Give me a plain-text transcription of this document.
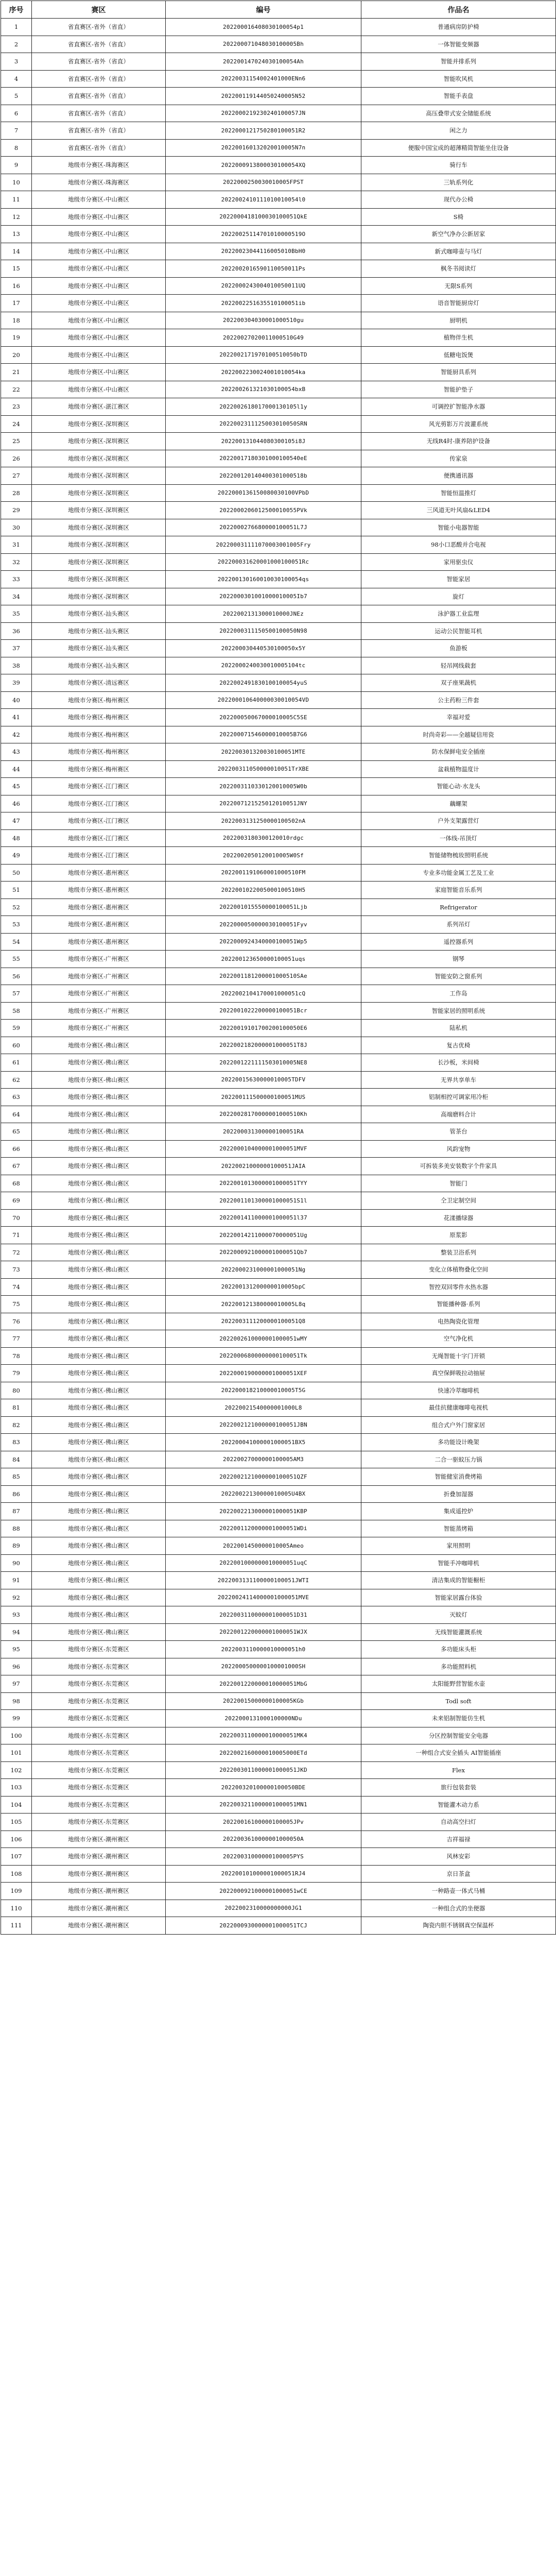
序号	赛区	编号	作品名
1	省直赛区-省外（省直）	202200016408030100054p1	普通病房防护椅
2	省直赛区-省外（省直）	202200071048030100005Bh	一体智能变频器
3	省直赛区-省外（省直）	202200147024030100054Ah	智能并排系列
4	省直赛区-省外（省直）	20220031154002401000ENn6	智能吹风机
5	省直赛区-省外（省直）	202200119144050240005N52	智能手表盘
6	省直赛区-省外（省直）	2022000219230240100057JN	高压叠带式安全储能系统
7	省直赛区-省外（省直）	2022000121750280100051R2	闲之力
8	省直赛区-省外（省直）	202200160132020010005N7n	便服中国宝成的超薄精简智能坐住设备
9	地级市分赛区-珠海赛区	2022000913800030100054XQ	骑行车
10	地级市分赛区-珠海赛区	2022000250030010005FPST	三轨系列化
11	地级市分赛区-中山赛区	2022002410111010010054l0	现代办公椅
12	地级市分赛区-中山赛区	2022000418100030100051QkE	S椅
13	地级市分赛区-中山赛区	20220025114701010000519O	新空气净办公新居家
14	地级市分赛区-中山赛区	20220023044116005010BbH0	新式咖啡壶与马灯
15	地级市分赛区-中山赛区	2022002016590110050011Ps	枫冬书阅读灯
16	地级市分赛区-中山赛区	2022000243004010050011UQ	无限S系列
17	地级市分赛区-中山赛区	2022002251635510100051ib	语音智能厨房灯
18	地级市分赛区-中山赛区	202200304030001000510gu	厨明机
19	地级市分赛区-中山赛区	20220027020011000510G49	植物伴生机
20	地级市分赛区-中山赛区	2022002171970100510050bTD	低糖电饭煲
21	地级市分赛区-中山赛区	2022002230024001010054ka	智能厨具系列
22	地级市分赛区-中山赛区	202200261321030100054bxB	智能护垫子
23	地级市分赛区-湛江赛区	2022002618017000130105l1y	可调控扩智能净水器
24	地级市分赛区-深圳赛区	2022002311125003010050SRN	风光剪影万片波灌系统
25	地级市分赛区-深圳赛区	202200131044080300105i8J	无线R4时-康养陪护设备
26	地级市分赛区-深圳赛区	20220017180301000100540eE	传家泉
27	地级市分赛区-深圳赛区	202200120140400301000518b	便携通讯器
28	地级市分赛区-深圳赛区	2022000136150080030100VPbD	智能恒温推灯
29	地级市分赛区-深圳赛区	2022000206012500010055PVk	三风道无叶风扇&LED4
30	地级市分赛区-深圳赛区	2022000276680000100051L7J	智能小电器智能
31	地级市分赛区-深圳赛区	202200031111070003001005Fry	98小口恶酸并合电视
32	地级市分赛区-深圳赛区	202200031620001000100051Rc	家用驱虫仪
33	地级市分赛区-深圳赛区	202200130160010030100054qs	智能家居
34	地级市分赛区-深圳赛区	2022000301001000010005Ib7	旋灯
35	地级市分赛区-汕头赛区	2022002131300010000JNEz	泳护器工业监理
36	地级市分赛区-汕头赛区	2022000311150500100050N98	运动公民智能耳机
37	地级市分赛区-汕头赛区	202200030440530100050x5Y	鱼游板
38	地级市分赛区-汕头赛区	2022000240030010005104tc	轻吊网线载套
39	地级市分赛区-清远赛区	2022002491830100100054yuS	双子座果蔬机
40	地级市分赛区-梅州赛区	202200010640000030010054VD	公主药粉三件套
41	地级市分赛区-梅州赛区	202200050067000010005C5SE	幸福对爱
42	地级市分赛区-梅州赛区	202200071546000010005B7G6	时尚奇彩——全越疑信用瓷
43	地级市分赛区-梅州赛区	202200301320030100051MTE	防水保鲜电安全插座
44	地级市分赛区-梅州赛区	202200311050000010051TrXBE	盆栽植物温度计
45	地级市分赛区-江门赛区	2022003110330120010005W0b	智能心动·水龙头
46	地级市分赛区-江门赛区	2022007121525012010051JNY	藕螺架
47	地级市分赛区-江门赛区	2022003131250000100502nA	户外支架露营灯
48	地级市分赛区-江门赛区	2022003180300120010rdgc	一体线-吊顶灯
49	地级市分赛区-江门赛区	2022002050120010005W0Sf	智能储物梳妆照明系统
50	地级市分赛区-惠州赛区	2022001191060001000510FM	专业多功能金属工艺及工业
51	地级市分赛区-惠州赛区	2022001022005000100510H5	家庭智能音乐系列
52	地级市分赛区-惠州赛区	2022001015550000100051Ljb	Refrigerator
53	地级市分赛区-惠州赛区	2022000050000030100051Fyv	系列吊灯
54	地级市分赛区-惠州赛区	2022000924340000100051Wp5	遥控器系列
55	地级市分赛区-广州赛区	202200123650000100051uqs	钢琴
56	地级市分赛区-广州赛区	2022001181200001000510SAe	智能安防之窗系列
57	地级市分赛区-广州赛区	2022002104170001000051cQ	工作岛
58	地级市分赛区-广州赛区	2022001022200000100051Bcr	智能家居的照明系统
59	地级市分赛区-广州赛区	20220019101700200100050E6	陆私机
60	地级市分赛区-佛山赛区	2022002182000001000051T8J	复古优椅
61	地级市分赛区-佛山赛区	2022001221111503010005NE8	长沙板，米间椅
62	地级市分赛区-佛山赛区	20220015630000010005TDFV	无界共享单车
63	地级市分赛区-佛山赛区	202200111500000100051MUS	铝制相控可调家用冷柜
64	地级市分赛区-佛山赛区	20220028170000001000510Kh	高端磨料合计
65	地级市分赛区-佛山赛区	202200031300000100051RA	管茶台
66	地级市分赛区-佛山赛区	2022000104000001000051MVF	风韵宠物
67	地级市分赛区-佛山赛区	20220021000000100051JAIA	可拆装多美安装数字个件家具
68	地级市分赛区-佛山赛区	2022001013000001000051TYY	智能门
69	地级市分赛区-佛山赛区	2022001101300001000051S1l	仝卫定制空间
70	地级市分赛区-佛山赛区	2022001411000001000051l37	花漾播绿器
71	地级市分赛区-佛山赛区	20220014211000070000051Ug	原浆影
72	地级市分赛区-佛山赛区	2022000921000001000051Qb7	整装卫浴系列
73	地级市分赛区-佛山赛区	2022000231000001000051Ng	变化立体植物叠化空间
74	地级市分赛区-佛山赛区	202200131200000010005bpC	智控双回零件水热水器
75	地级市分赛区-佛山赛区	202200121380000010005L8q	智能播种器·系列
76	地级市分赛区-佛山赛区	2022003111200000100051Q8	电热陶瓷化管理
77	地级市分赛区-佛山赛区	2022002610000001000051wMY	空气净化机
78	地级市分赛区-佛山赛区	20220006800000000100051Tk	无绳智能十字门开锁
79	地级市分赛区-佛山赛区	2022000190000001000051XEF	真空保鲜吸拉动抽屉
80	地级市分赛区-佛山赛区	202200018210000010005T5G	快速冷萃咖啡机
81	地级市分赛区-佛山赛区	20220021540000001000L8	最佳抗健康咖啡电视机
82	地级市分赛区-佛山赛区	2022002121000000100051JBN	组合式户外门窗家居
83	地级市分赛区-佛山赛区	202200041000001000051BX5	多功能设计晚架
84	地级市分赛区-佛山赛区	20220027000000100005AM3	二合一驱蚊压力锅
85	地级市分赛区-佛山赛区	2022002121000000100051QZF	智能健室消费烤箱
86	地级市分赛区-佛山赛区	20220022130000010005U4BX	折叠加湿器
87	地级市分赛区-佛山赛区	2022002213000001000051KBP	集成遥控炉
88	地级市分赛区-佛山赛区	2022001120000001000051WDi	智能蒸烤箱
89	地级市分赛区-佛山赛区	2022001450000010005Ameo	家用照明
90	地级市分赛区-佛山赛区	2022001000000010000051uqC	智能手冲咖啡机
91	地级市分赛区-佛山赛区	2022003131100000100051JWTI	清洁集成的智能橱柜
92	地级市分赛区-佛山赛区	20220024114000001000051MVE	智能家居露台体验
93	地级市分赛区-佛山赛区	2022003110000001000051D31	灭蚊灯
94	地级市分赛区-佛山赛区	2022001220000001000051WJX	无线智能灌溉系统
95	地级市分赛区-东莞赛区	2022003110000010000051h0	多功能床头柜
96	地级市分赛区-东莞赛区	2022000500000100001000SH	多功能照料机
97	地级市分赛区-东莞赛区	2022001220000010000051MbG	太阳能野营智能水壶
98	地级市分赛区-东莞赛区	20220015000000100005KGb	Todl soft
99	地级市分赛区-东莞赛区	2022000131000100000NDu	未来铝制智能仿生机
100	地级市分赛区-东莞赛区	2022003110000010000051MK4	分区控制智能安全电器
101	地级市分赛区-东莞赛区	2022002160000010005000ETd	一种组合式安全插头 AI智能插座
102	地级市分赛区-东莞赛区	2022003011000001000051JKD	Flex
103	地级市分赛区-东莞赛区	202200320100000100050BDE	旅行包装套装
104	地级市分赛区-东莞赛区	2022003211000001000051MN1	智能灌木动力系
105	地级市分赛区-东莞赛区	20220016100000100005JPv	自动高空扫灯
106	地级市分赛区-潮州赛区	2022003610000001000050A	吉祥福禄
107	地级市分赛区-潮州赛区	20220031000000100005PYS	风林安彩
108	地级市分赛区-潮州赛区	202200101000001000051RJ4	京日茶盒
109	地级市分赛区-潮州赛区	2022000921000001000051wCE	一种路壶一体式马桶
110	地级市分赛区-潮州赛区	2022002310000000000JG1	一种组合式的坐便器
111	地级市分赛区-潮州赛区	2022000930000001000051TCJ	陶瓷内胆不锈钢真空保温杯
